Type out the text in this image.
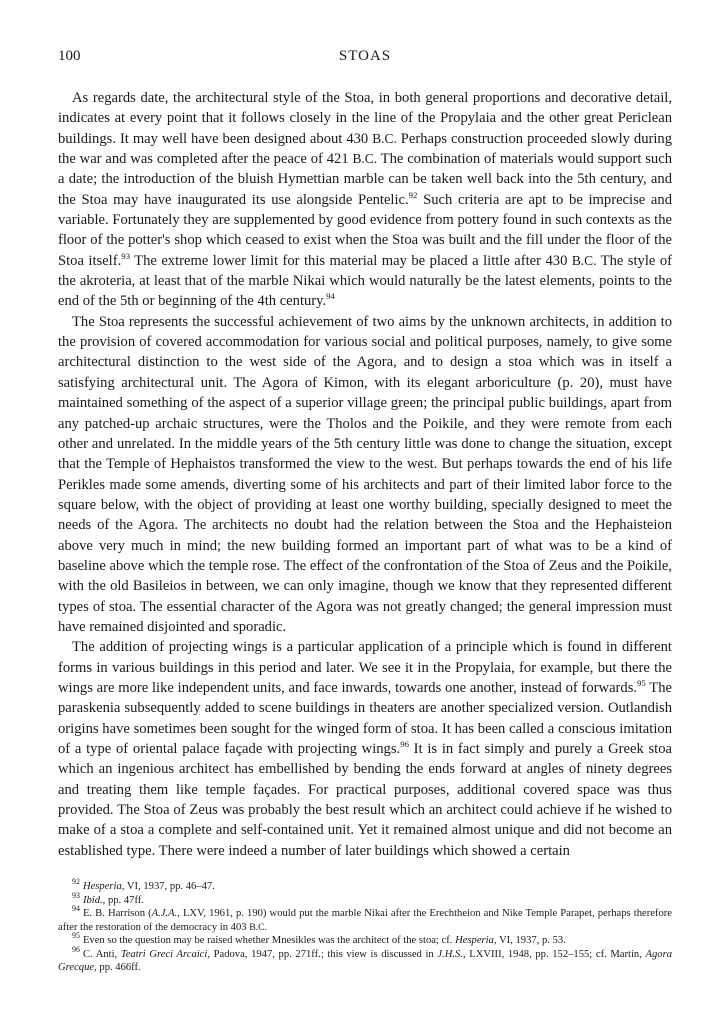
100	STOAS

As regards date, the architectural style of the Stoa, in both general proportions and decorative detail, indicates at every point that it follows closely in the line of the Propylaia and the other great Periclean buildings. It may well have been designed about 430 B.C. Perhaps construction proceeded slowly during the war and was completed after the peace of 421 B.C. The combination of materials would support such a date; the introduction of the bluish Hymettian marble can be taken well back into the 5th century, and the Stoa may have inaugurated its use alongside Pentelic.$^{92}$ Such criteria are apt to be imprecise and variable. Fortunately they are supplemented by good evidence from pottery found in such contexts as the floor of the potter's shop which ceased to exist when the Stoa was built and the fill under the floor of the Stoa itself.$^{93}$ The extreme lower limit for this material may be placed a little after 430 B.C. The style of the akroteria, at least that of the marble Nikai which would naturally be the latest elements, points to the end of the 5th or beginning of the 4th century.$^{94}$

The Stoa represents the successful achievement of two aims by the unknown architects, in addition to the provision of covered accommodation for various social and political purposes, namely, to give some architectural distinction to the west side of the Agora, and to design a stoa which was in itself a satisfying architectural unit. The Agora of Kimon, with its elegant arboriculture (p. 20), must have maintained something of the aspect of a superior village green; the principal public buildings, apart from any patched-up archaic structures, were the Tholos and the Poikile, and they were remote from each other and unrelated. In the middle years of the 5th century little was done to change the situation, except that the Temple of Hephaistos transformed the view to the west. But perhaps towards the end of his life Perikles made some amends, diverting some of his architects and part of their limited labor force to the square below, with the object of providing at least one worthy building, specially designed to meet the needs of the Agora. The architects no doubt had the relation between the Stoa and the Hephaisteion above very much in mind; the new building formed an important part of what was to be a kind of baseline above which the temple rose. The effect of the confrontation of the Stoa of Zeus and the Poikile, with the old Basileios in between, we can only imagine, though we know that they represented different types of stoa. The essential character of the Agora was not greatly changed; the general impression must have remained disjointed and sporadic.

The addition of projecting wings is a particular application of a principle which is found in different forms in various buildings in this period and later. We see it in the Propylaia, for example, but there the wings are more like independent units, and face inwards, towards one another, instead of forwards.$^{95}$ The paraskenia subsequently added to scene buildings in theaters are another specialized version. Outlandish origins have sometimes been sought for the winged form of stoa. It has been called a conscious imitation of a type of oriental palace façade with projecting wings.$^{96}$ It is in fact simply and purely a Greek stoa which an ingenious architect has embellished by bending the ends forward at angles of ninety degrees and treating them like temple façades. For practical purposes, additional covered space was thus provided. The Stoa of Zeus was probably the best result which an architect could achieve if he wished to make of a stoa a complete and self-contained unit. Yet it remained almost unique and did not become an established type. There were indeed a number of later buildings which showed a certain

$^{92}$ Hesperia, VI, 1937, pp. 46–47.

$^{93}$ Ibid., pp. 47ff.

$^{94}$ E. B. Harrison (A.J.A., LXV, 1961, p. 190) would put the marble Nikai after the Erechtheion and Nike Temple Parapet, perhaps therefore after the restoration of the democracy in 403 B.C.

$^{95}$ Even so the question may be raised whether Mnesikles was the architect of the stoa; cf. Hesperia, VI, 1937, p. 53.

$^{96}$ C. Anti, Teatri Greci Arcaici, Padova, 1947, pp. 271ff.; this view is discussed in J.H.S., LXVIII, 1948, pp. 152–155; cf. Martin, Agora Grecque, pp. 466ff.
